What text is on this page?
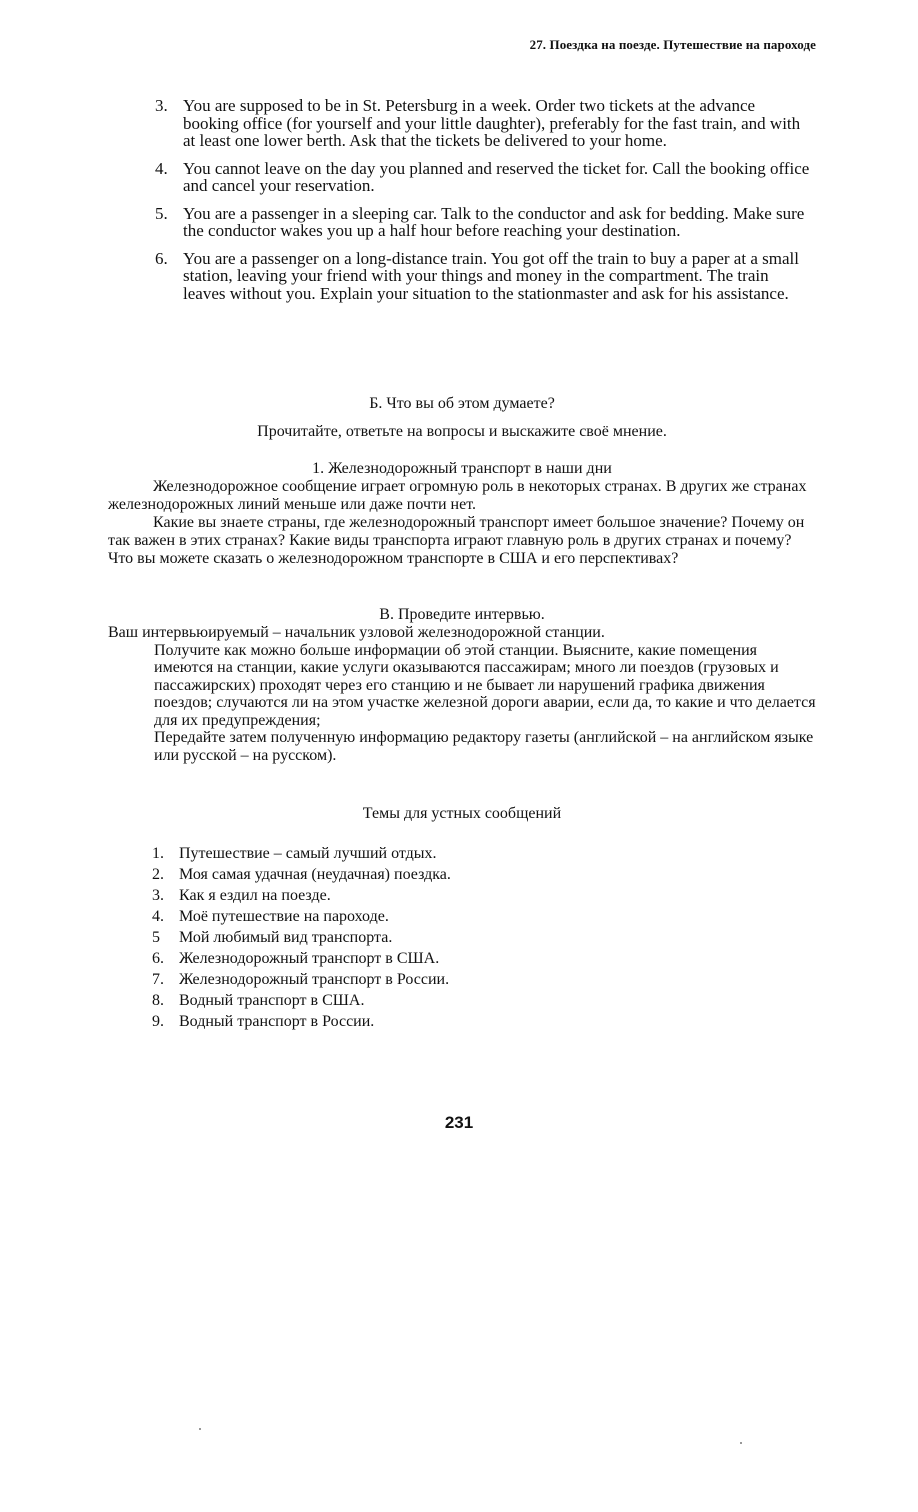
27. Поездка на поезде. Путешествие на пароходе
3. You are supposed to be in St. Petersburg in a week. Order two tickets at the advance booking office (for yourself and your little daughter), preferably for the fast train, and with at least one lower berth. Ask that the tickets be delivered to your home.
4. You cannot leave on the day you planned and reserved the ticket for. Call the booking office and cancel your reservation.
5. You are a passenger in a sleeping car. Talk to the conductor and ask for bedding. Make sure the conductor wakes you up a half hour before reaching your destination.
6. You are a passenger on a long-distance train. You got off the train to buy a paper at a small station, leaving your friend with your things and money in the compartment. The train leaves without you. Explain your situation to the stationmaster and ask for his assistance.
Б. Что вы об этом думаете?
Прочитайте, ответьте на вопросы и выскажите своё мнение.
1. Железнодорожный транспорт в наши дни
Железнодорожное сообщение играет огромную роль в некоторых странах. В других же странах железнодорожных линий меньше или даже почти нет.
Какие вы знаете страны, где железнодорожный транспорт имеет большое значение? Почему он так важен в этих странах? Какие виды транспорта играют главную роль в других странах и почему? Что вы можете сказать о железнодорожном транспорте в США и его перспективах?
В. Проведите интервью.

Ваш интервьюируемый – начальник узловой железнодорожной станции.

Получите как можно больше информации об этой станции. Выясните, какие помещения имеются на станции, какие услуги оказываются пассажирам; много ли поездов (грузовых и пассажирских) проходят через его станцию и не бывает ли нарушений графика движения поездов; случаются ли на этом участке железной дороги аварии, если да, то какие и что делается для их предупреждения;

Передайте затем полученную информацию редактору газеты (английской – на английском языке или русской – на русском).

Темы для устных сообщений
1. Путешествие – самый лучший отдых.
2. Моя самая удачная (неудачная) поездка.
3. Как я ездил на поезде.
4. Моё путешествие на пароходе.
5	Мой любимый вид транспорта.
6. Железнодорожный транспорт в США.
7. Железнодорожный транспорт в России.
8. Водный транспорт в США.
9. Водный транспорт в России.
231
